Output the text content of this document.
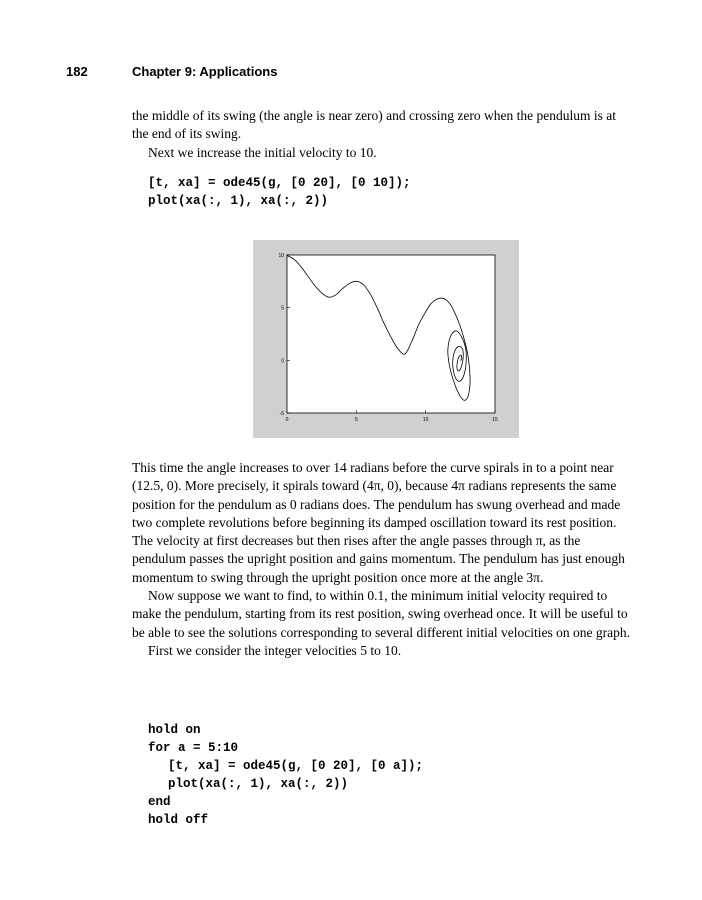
182	Chapter 9: Applications

the middle of its swing (the angle is near zero) and crossing zero when the pendulum is at the end of its swing.

Next we increase the initial velocity to 10.

[t, xa] = ode45(g, [0 20], [0 10]);
plot(xa(:, 1), xa(:, 2))
0	5	10	15
-5
0
5
10

This time the angle increases to over 14 radians before the curve spirals in to a point near (12.5, 0). More precisely, it spirals toward (4π, 0), because 4π radians represents the same position for the pendulum as 0 radians does. The pendulum has swung overhead and made two complete revolutions before beginning its damped oscillation toward its rest position. The velocity at first decreases but then rises after the angle passes through π, as the pendulum passes the upright position and gains momentum. The pendulum has just enough momentum to swing through the upright position once more at the angle 3π.

Now suppose we want to find, to within 0.1, the minimum initial velocity required to make the pendulum, starting from its rest position, swing overhead once. It will be useful to be able to see the solutions corresponding to several different initial velocities on one graph.

First we consider the integer velocities 5 to 10.

hold on
for a = 5:10
[t, xa] = ode45(g, [0 20], [0 a]);
plot(xa(:, 1), xa(:, 2))
end
hold off
